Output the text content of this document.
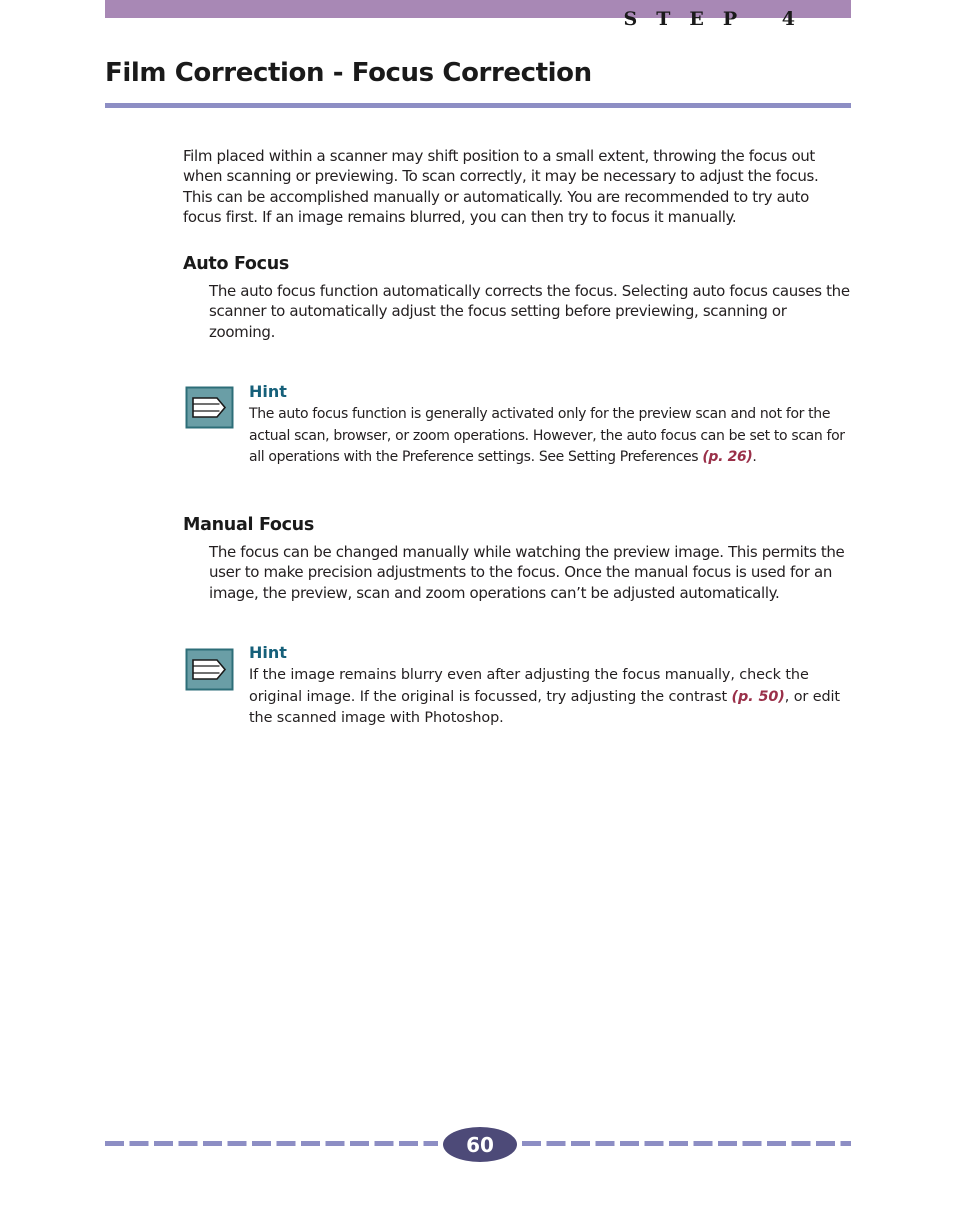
STEP 4
Film Correction - Focus Correction

Film placed within a scanner may shift position to a small extent, throwing the focus out when scanning or previewing. To scan correctly, it may be necessary to adjust the focus. This can be accomplished manually or automatically. You are recommended to try auto focus first. If an image remains blurred, you can then try to focus it manually.

Auto Focus

The auto focus function automatically corrects the focus. Selecting auto focus causes the scanner to automatically adjust the focus setting before previewing, scanning or zooming.

Hint

The auto focus function is generally activated only for the preview scan and not for the actual scan, browser, or zoom operations. However, the auto focus can be set to scan for all operations with the Preference settings. See Setting Preferences (p. 26).

Manual Focus

The focus can be changed manually while watching the preview image. This permits the user to make precision adjustments to the focus. Once the manual focus is used for an image, the preview, scan and zoom operations can’t be adjusted automatically.

Hint

If the image remains blurry even after adjusting the focus manually, check the original image. If the original is focussed, try adjusting the contrast (p. 50), or edit the scanned image with Photoshop.

60
